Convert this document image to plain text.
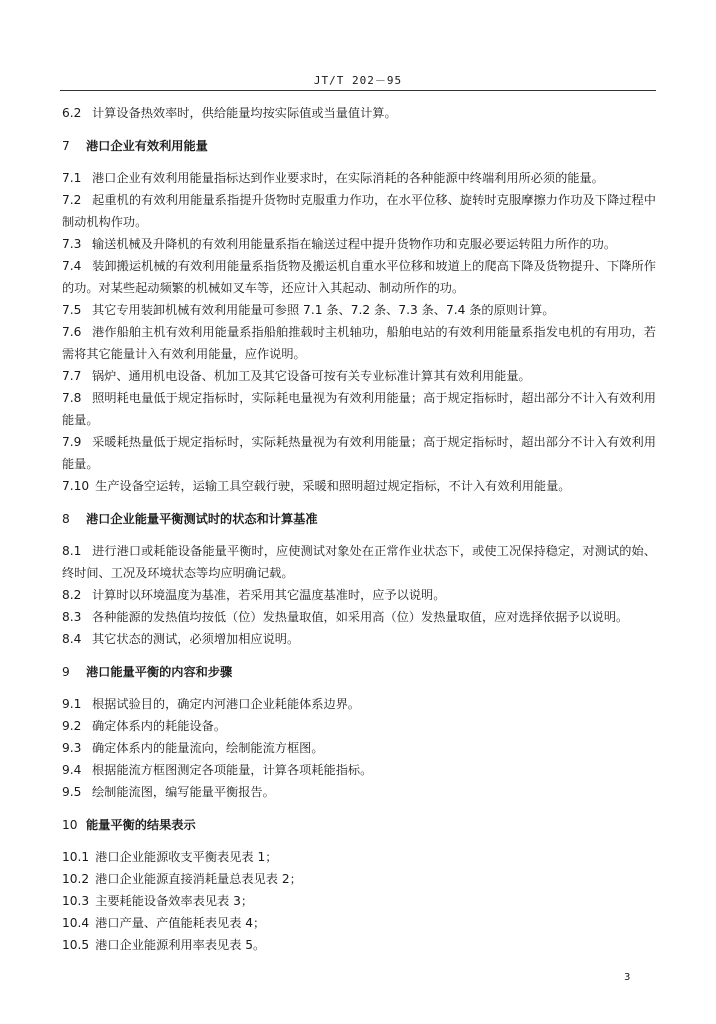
JT/T 202－95

6.2 计算设备热效率时，供给能量均按实际值或当量值计算。

7 港口企业有效利用能量

7.1 港口企业有效利用能量指标达到作业要求时，在实际消耗的各种能源中终端利用所必须的能量。

7.2 起重机的有效利用能量系指提升货物时克服重力作功，在水平位移、旋转时克服摩擦力作功及下降过程中制动机构作功。

7.3 输送机械及升降机的有效利用能量系指在输送过程中提升货物作功和克服必要运转阻力所作的功。

7.4 装卸搬运机械的有效利用能量系指货物及搬运机自重水平位移和坡道上的爬高下降及货物提升、下降所作的功。对某些起动频繁的机械如叉车等，还应计入其起动、制动所作的功。

7.5 其它专用装卸机械有效利用能量可参照 7.1 条、7.2 条、7.3 条、7.4 条的原则计算。

7.6 港作船舶主机有效利用能量系指船舶推载时主机轴功，船舶电站的有效利用能量系指发电机的有用功，若需将其它能量计入有效利用能量，应作说明。

7.7 锅炉、通用机电设备、机加工及其它设备可按有关专业标准计算其有效利用能量。

7.8 照明耗电量低于规定指标时，实际耗电量视为有效利用能量；高于规定指标时，超出部分不计入有效利用能量。

7.9 采暖耗热量低于规定指标时，实际耗热量视为有效利用能量；高于规定指标时，超出部分不计入有效利用能量。

7.10 生产设备空运转，运输工具空载行驶，采暖和照明超过规定指标，不计入有效利用能量。

8 港口企业能量平衡测试时的状态和计算基准

8.1 进行港口或耗能设备能量平衡时，应使测试对象处在正常作业状态下，或使工况保持稳定，对测试的始、终时间、工况及环境状态等均应明确记载。

8.2 计算时以环境温度为基准，若采用其它温度基准时，应予以说明。

8.3 各种能源的发热值均按低（位）发热量取值，如采用高（位）发热量取值，应对选择依据予以说明。

8.4 其它状态的测试，必须增加相应说明。

9 港口能量平衡的内容和步骤

9.1 根据试验目的，确定内河港口企业耗能体系边界。

9.2 确定体系内的耗能设备。

9.3 确定体系内的能量流向，绘制能流方框图。

9.4 根据能流方框图测定各项能量，计算各项耗能指标。

9.5 绘制能流图，编写能量平衡报告。

10 能量平衡的结果表示

10.1 港口企业能源收支平衡表见表 1；

10.2 港口企业能源直接消耗量总表见表 2；

10.3 主要耗能设备效率表见表 3；

10.4 港口产量、产值能耗表见表 4；

10.5 港口企业能源利用率表见表 5。

3
